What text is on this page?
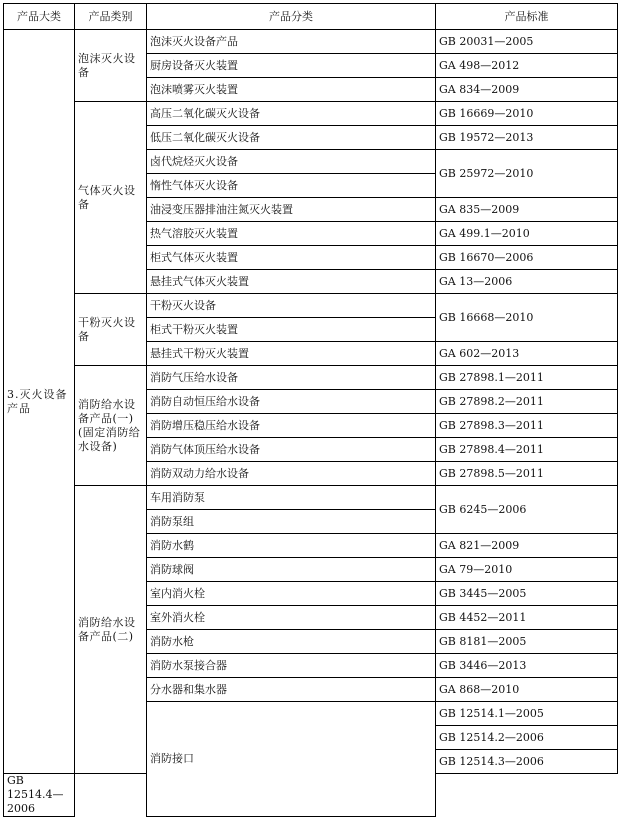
产品大类	产品类别	产品分类	产品标准
3.灭火设备产品	泡沫灭火设备	泡沫灭火设备产品	GB 20031—2005
		厨房设备灭火装置	GA 498—2012
		泡沫喷雾灭火装置	GA 834—2009
	气体灭火设备	高压二氧化碳灭火设备	GB 16669—2010
		低压二氧化碳灭火设备	GB 19572—2013
		卤代烷烃灭火设备	GB 25972—2010
		惰性气体灭火设备	
		油浸变压器排油注氮灭火装置	GA 835—2009
		热气溶胶灭火装置	GA 499.1—2010
		柜式气体灭火装置	GB 16670—2006
		悬挂式气体灭火装置	GA 13—2006
	干粉灭火设备	干粉灭火设备	GB 16668—2010
		柜式干粉灭火装置	
		悬挂式干粉灭火装置	GA 602—2013
	消防给水设备产品(一)(固定消防给水设备)	消防气压给水设备	GB 27898.1—2011
		消防自动恒压给水设备	GB 27898.2—2011
		消防增压稳压给水设备	GB 27898.3—2011
		消防气体顶压给水设备	GB 27898.4—2011
		消防双动力给水设备	GB 27898.5—2011
	消防给水设备产品(二)	车用消防泵	GB 6245—2006
		消防泵组	
		消防水鹤	GA 821—2009
		消防球阀	GA 79—2010
		室内消火栓	GB 3445—2005
		室外消火栓	GB 4452—2011
		消防水枪	GB 8181—2005
		消防水泵接合器	GB 3446—2013
		分水器和集水器	GA 868—2010
		消防接口	GB 12514.1—2005
			GB 12514.2—2006
			GB 12514.3—2006
GB 12514.4—2006			
